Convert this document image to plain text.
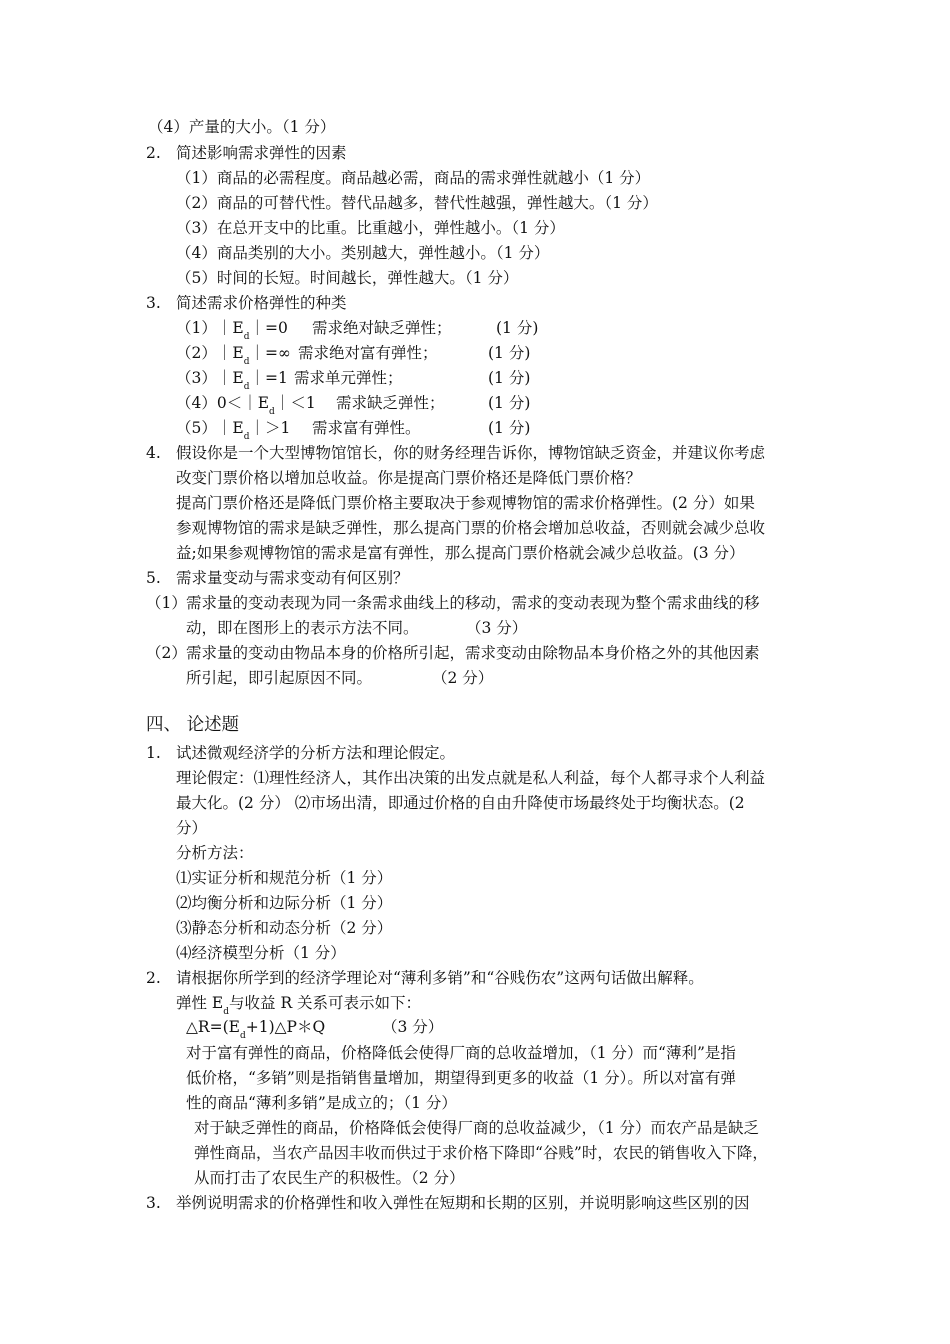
（4）产量的大小。（1 分）
2. 简述影响需求弹性的因素
（1）商品的必需程度。商品越必需，商品的需求弹性就越小（1 分）
（2）商品的可替代性。替代品越多，替代性越强，弹性越大。（1 分）
（3）在总开支中的比重。比重越小，弹性越小。（1 分）
（4）商品类别的大小。类别越大，弹性越小。（1 分）
（5）时间的长短。时间越长，弹性越大。（1 分）
3. 简述需求价格弹性的种类
$(1)|E_d|=0$ 需求绝对缺乏弹性；	(1 分)
$(2)|E_d|=\infty$ 需求绝对富有弹性；	(1 分)
$(3)|E_d|=1$ 需求单元弹性；	(1 分)
$(4)0<|E_d|<1$ 需求缺乏弹性；	(1 分)
$(5)|E_d|>1$ 需求富有弹性。	(1 分)
4. 假设你是一个大型博物馆馆长，你的财务经理告诉你，博物馆缺乏资金，并建议你考虑
改变门票价格以增加总收益。你是提高门票价格还是降低门票价格？
提高门票价格还是降低门票价格主要取决于参观博物馆的需求价格弹性。(2 分）如果
参观博物馆的需求是缺乏弹性，那么提高门票的价格会增加总收益，否则就会减少总收
益;如果参观博物馆的需求是富有弹性，那么提高门票价格就会减少总收益。(3 分）
5. 需求量变动与需求变动有何区别？
（1） 需求量的变动表现为同一条需求曲线上的移动，需求的变动表现为整个需求曲线的移
动，即在图形上的表示方法不同。	（3 分）
（2） 需求量的变动由物品本身的价格所引起，需求变动由除物品本身价格之外的其他因素
所引起，即引起原因不同。	（2 分）
四、 论述题
1. 试述微观经济学的分析方法和理论假定。
理论假定：⑴理性经济人，其作出决策的出发点就是私人利益，每个人都寻求个人利益
最大化。(2 分） ⑵市场出清，即通过价格的自由升降使市场最终处于均衡状态。(2
分）
分析方法：
⑴实证分析和规范分析（1 分）
⑵均衡分析和边际分析（1 分）
⑶静态分析和动态分析（2 分）
⑷经济模型分析（1 分）
2. 请根据你所学到的经济学理论对“薄利多销”和“谷贱伤农”这两句话做出解释。
弹性 $E_d$与收益 R 关系可表示如下：
$\triangle R=(E_d+1)\triangle P*Q$	（3 分）
对于富有弹性的商品，价格降低会使得厂商的总收益增加，（1 分）而“薄利”是指
低价格，“多销”则是指销售量增加，期望得到更多的收益（1 分）。所以对富有弹
性的商品“薄利多销”是成立的；（1 分）
对于缺乏弹性的商品，价格降低会使得厂商的总收益减少，（1 分）而农产品是缺乏
弹性商品，当农产品因丰收而供过于求价格下降即“谷贱”时，农民的销售收入下降，
从而打击了农民生产的积极性。（2 分）
3. 举例说明需求的价格弹性和收入弹性在短期和长期的区别，并说明影响这些区别的因
